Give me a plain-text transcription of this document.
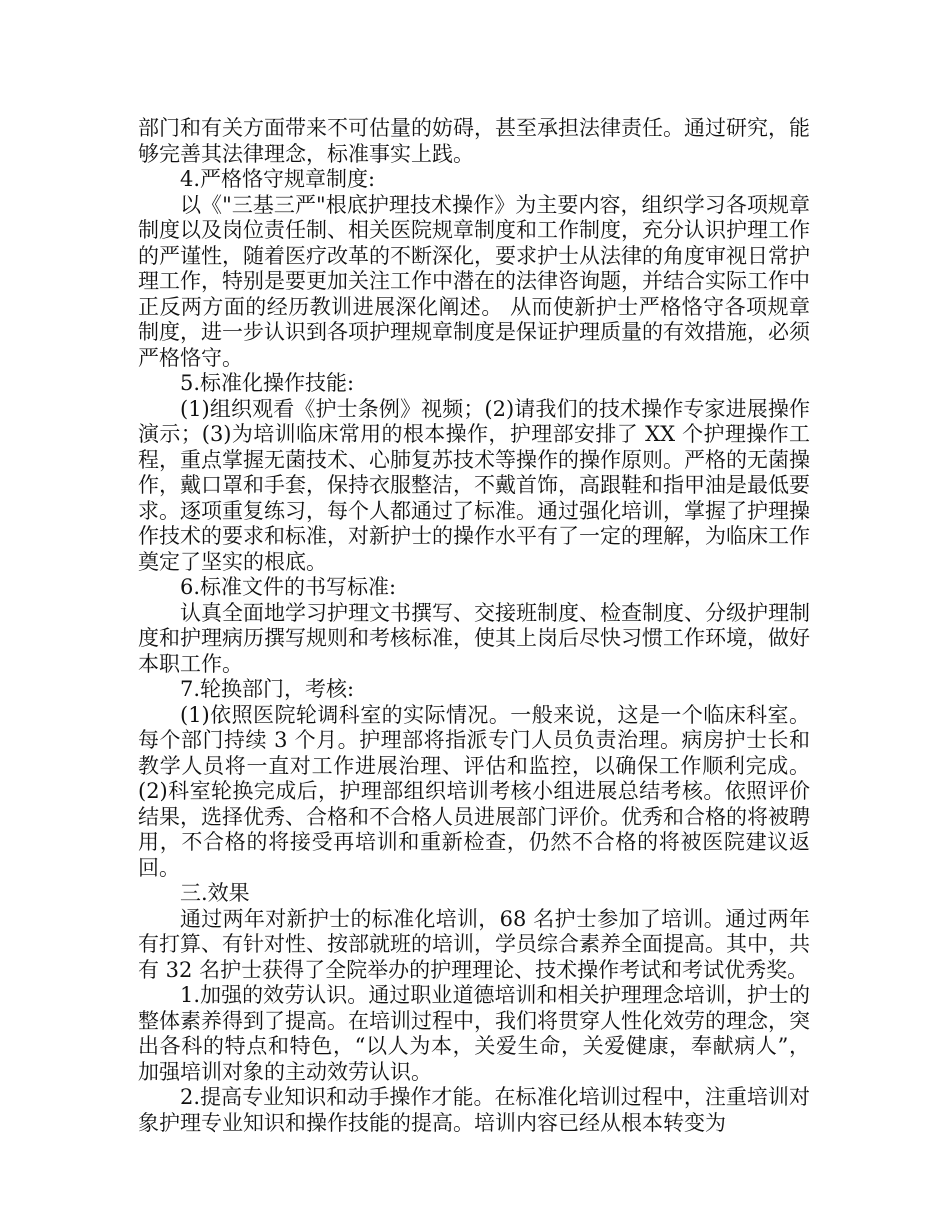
部门和有关方面带来不可估量的妨碍，甚至承担法律责任。通过研究，能够完善其法律理念，标准事实上践。

4.严格恪守规章制度:

以《"三基三严"根底护理技术操作》为主要内容，组织学习各项规章制度以及岗位责任制、相关医院规章制度和工作制度，充分认识护理工作的严谨性，随着医疗改革的不断深化，要求护士从法律的角度审视日常护理工作，特别是要更加关注工作中潜在的法律咨询题，并结合实际工作中正反两方面的经历教训进展深化阐述。 从而使新护士严格恪守各项规章制度，进一步认识到各项护理规章制度是保证护理质量的有效措施，必须严格恪守。

5.标准化操作技能:

(1)组织观看《护士条例》视频；(2)请我们的技术操作专家进展操作演示；(3)为培训临床常用的根本操作，护理部安排了 XX 个护理操作工程，重点掌握无菌技术、心肺复苏技术等操作的操作原则。严格的无菌操作，戴口罩和手套，保持衣服整洁，不戴首饰，高跟鞋和指甲油是最低要求。逐项重复练习，每个人都通过了标准。通过强化培训，掌握了护理操作技术的要求和标准，对新护士的操作水平有了一定的理解，为临床工作奠定了坚实的根底。

6.标准文件的书写标准:

认真全面地学习护理文书撰写、交接班制度、检查制度、分级护理制度和护理病历撰写规则和考核标准，使其上岗后尽快习惯工作环境，做好本职工作。

7.轮换部门，考核:

(1)依照医院轮调科室的实际情况。一般来说，这是一个临床科室。每个部门持续 3 个月。护理部将指派专门人员负责治理。病房护士长和教学人员将一直对工作进展治理、评估和监控，以确保工作顺利完成。(2)科室轮换完成后，护理部组织培训考核小组进展总结考核。依照评价结果，选择优秀、合格和不合格人员进展部门评价。优秀和合格的将被聘用，不合格的将接受再培训和重新检查，仍然不合格的将被医院建议返回。

三.效果

通过两年对新护士的标准化培训，68 名护士参加了培训。通过两年有打算、有针对性、按部就班的培训，学员综合素养全面提高。其中，共有 32 名护士获得了全院举办的护理理论、技术操作考试和考试优秀奖。

1.加强的效劳认识。通过职业道德培训和相关护理理念培训，护士的整体素养得到了提高。在培训过程中，我们将贯穿人性化效劳的理念，突出各科的特点和特色，“以人为本，关爱生命，关爱健康，奉献病人”，加强培训对象的主动效劳认识。

2.提高专业知识和动手操作才能。在标准化培训过程中，注重培训对象护理专业知识和操作技能的提高。培训内容已经从根本转变为
